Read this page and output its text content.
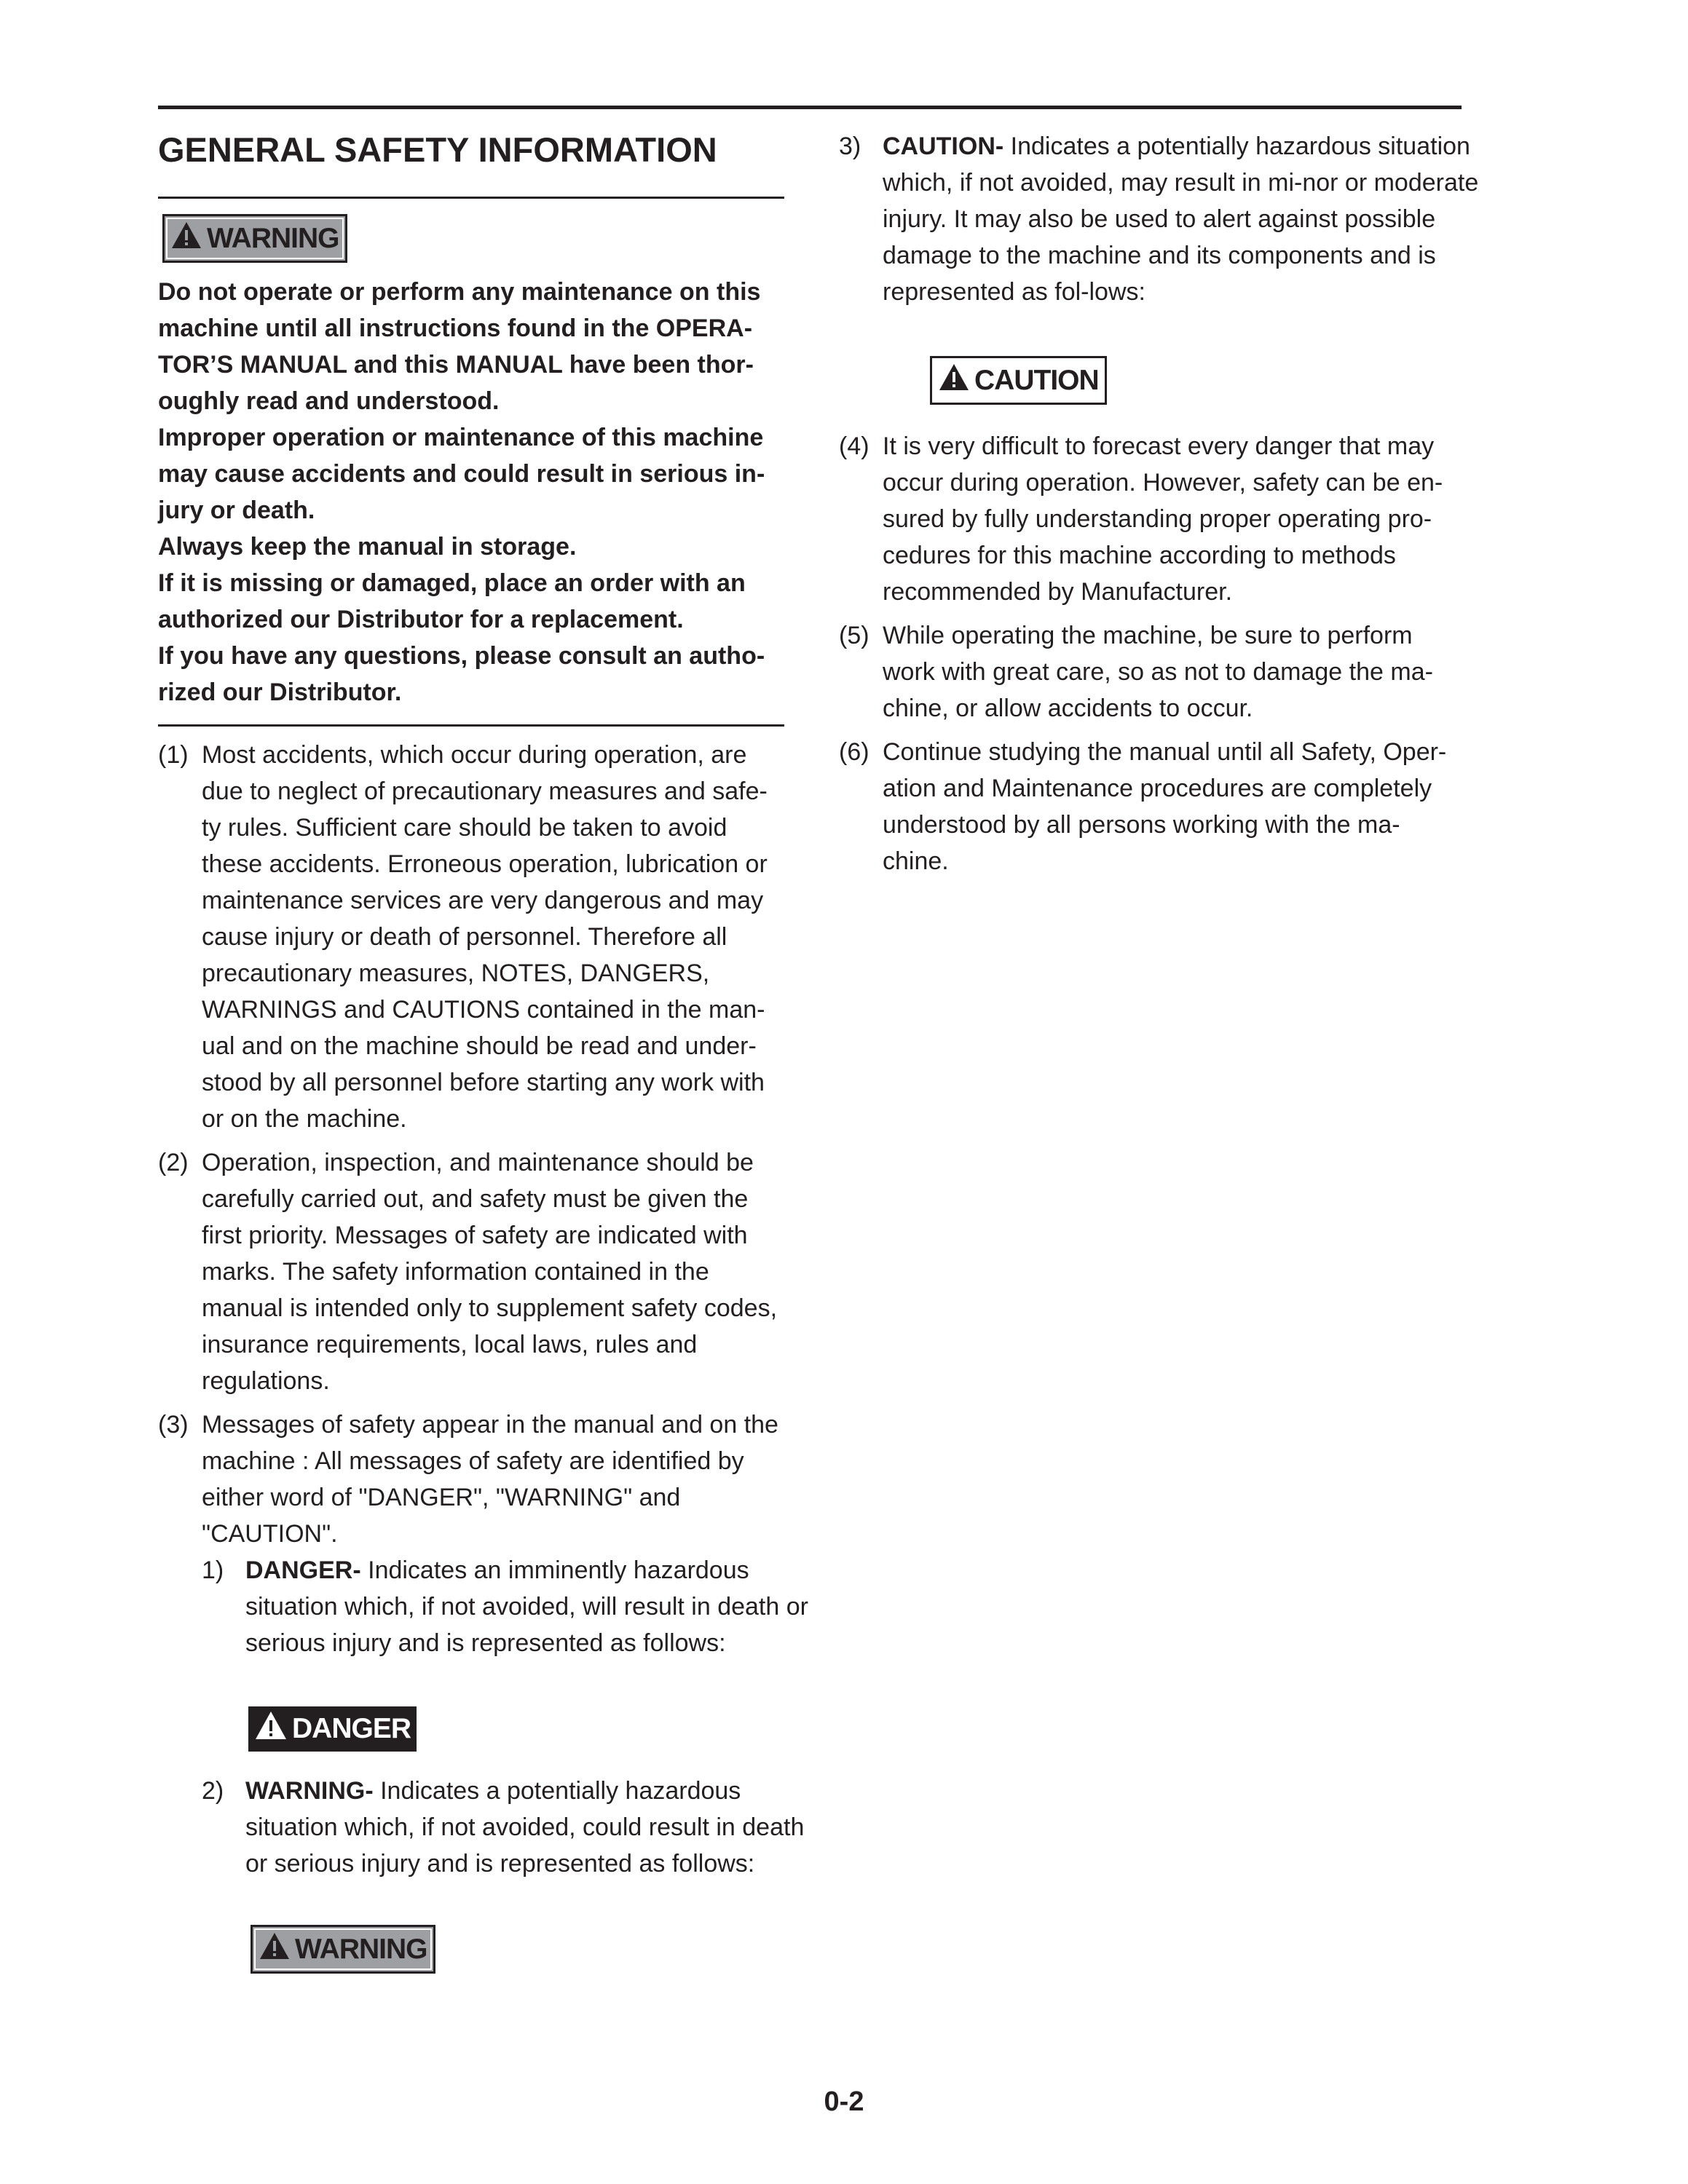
GENERAL SAFETY INFORMATION
WARNING

Do not operate or perform any maintenance on this machine until all instructions found in the OPERA-TOR’S MANUAL and this MANUAL have been thor-oughly read and understood.

Improper operation or maintenance of this machine may cause accidents and could result in serious in-jury or death.

Always keep the manual in storage.

If it is missing or damaged, place an order with an authorized our Distributor for a replacement.

If you have any questions, please consult an autho-rized our Distributor.

(1) Most accidents, which occur during operation, are due to neglect of precautionary measures and safe-ty rules. Sufficient care should be taken to avoid these accidents. Erroneous operation, lubrication or maintenance services are very dangerous and may cause injury or death of personnel. Therefore all precautionary measures, NOTES, DANGERS, WARNINGS and CAUTIONS contained in the man-ual and on the machine should be read and under-stood by all personnel before starting any work with or on the machine.
(2) Operation, inspection, and maintenance should be carefully carried out, and safety must be given the first priority. Messages of safety are indicated with marks. The safety information contained in the manual is intended only to supplement safety codes, insurance requirements, local laws, rules and regulations.
(3) Messages of safety appear in the manual and on the machine : All messages of safety are identified by either word of "DANGER", "WARNING" and "CAUTION".
1) DANGER- Indicates an imminently hazardous situation which, if not avoided, will result in death or serious injury and is represented as follows:
DANGER
2) WARNING- Indicates a potentially hazardous situation which, if not avoided, could result in death or serious injury and is represented as follows:
WARNING
3) CAUTION- Indicates a potentially hazardous situation which, if not avoided, may result in mi-nor or moderate injury. It may also be used to alert against possible damage to the machine and its components and is represented as fol-lows:
CAUTION
(4) It is very difficult to forecast every danger that may occur during operation. However, safety can be en-sured by fully understanding proper operating pro-cedures for this machine according to methods recommended by Manufacturer.
(5) While operating the machine, be sure to perform work with great care, so as not to damage the ma-chine, or allow accidents to occur.
(6) Continue studying the manual until all Safety, Oper-ation and Maintenance procedures are completely understood by all persons working with the ma-chine.
0-2
